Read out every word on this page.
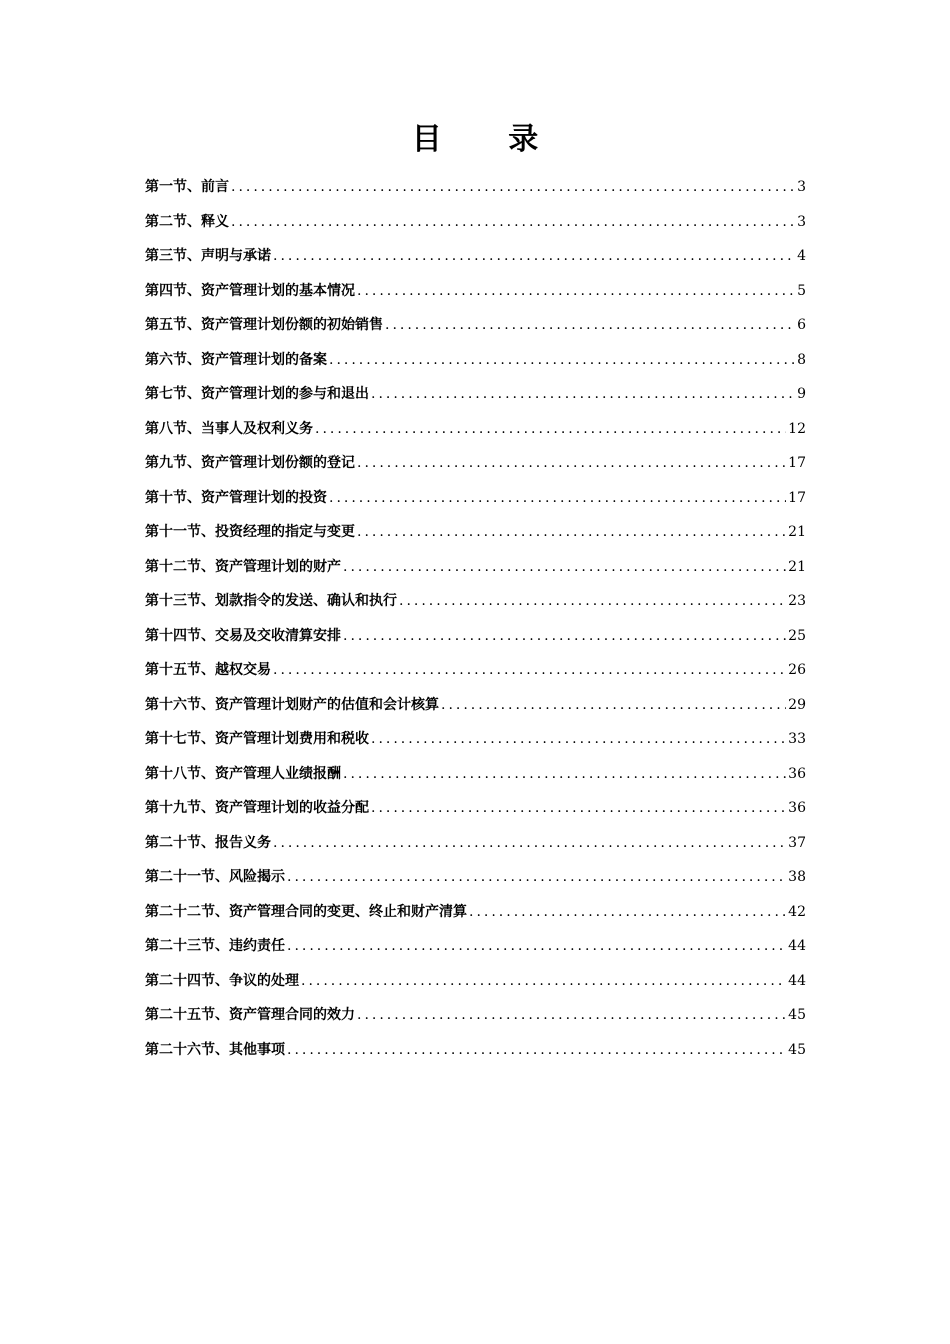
目 录
第一节、前言 .....	3
第二节、释义 .....	3
第三节、声明与承诺 .....	4
第四节、资产管理计划的基本情况 .....	5
第五节、资产管理计划份额的初始销售 .....	6
第六节、资产管理计划的备案 .....	8
第七节、资产管理计划的参与和退出 .....	9
第八节、当事人及权利义务 .....	12
第九节、资产管理计划份额的登记 .....	17
第十节、资产管理计划的投资 .....	17
第十一节、投资经理的指定与变更 .....	21
第十二节、资产管理计划的财产 .....	21
第十三节、划款指令的发送、确认和执行 .....	23
第十四节、交易及交收清算安排 .....	25
第十五节、越权交易 .....	26
第十六节、资产管理计划财产的估值和会计核算 .....	29
第十七节、资产管理计划费用和税收 .....	33
第十八节、资产管理人业绩报酬 .....	36
第十九节、资产管理计划的收益分配 .....	36
第二十节、报告义务 .....	37
第二十一节、风险揭示 .....	38
第二十二节、资产管理合同的变更、终止和财产清算 .....	42
第二十三节、违约责任 .....	44
第二十四节、争议的处理 .....	44
第二十五节、资产管理合同的效力 .....	45
第二十六节、其他事项 .....	45
